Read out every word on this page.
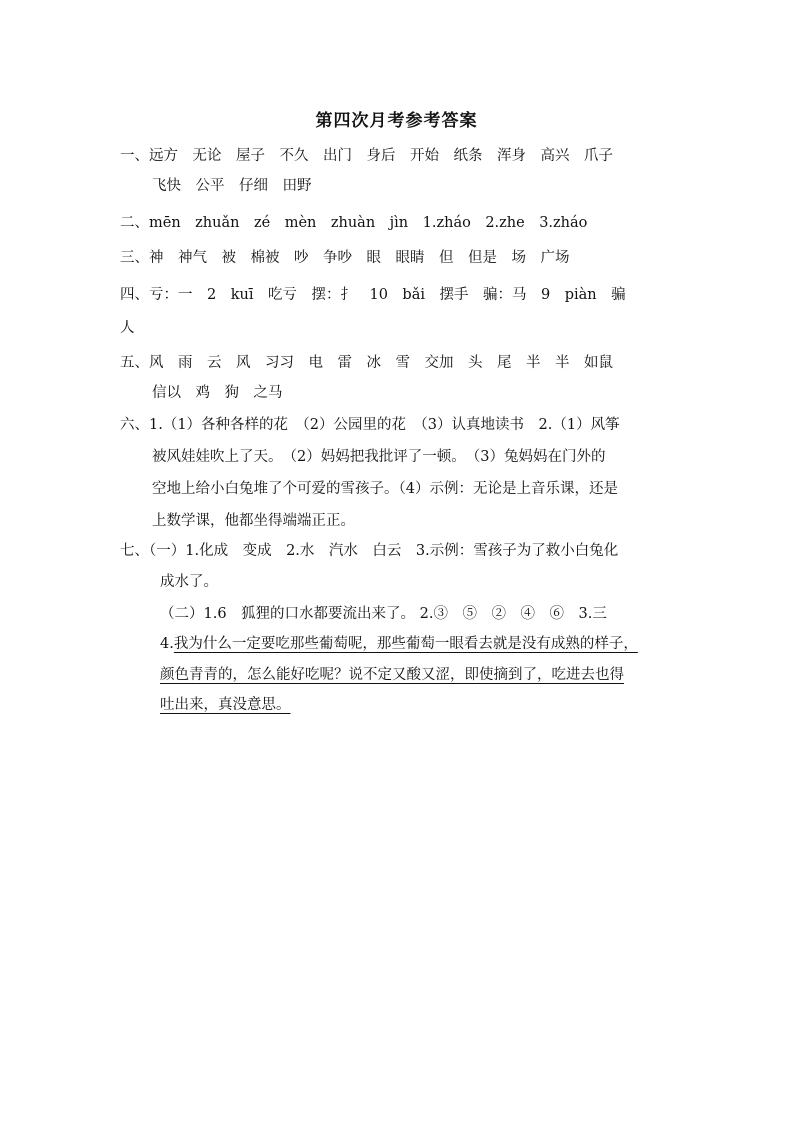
第四次月考参考答案
一、远方　无论　屋子　不久　出门　身后　开始　纸条　浑身　高兴　爪子
飞快　公平　仔细　田野
二、mēn　zhuǎn　zé　mèn　zhuàn　jìn　1.zháo　2.zhe　3.zháo
三、神　神气　被　棉被　吵　争吵　眼　眼睛　但　但是　场　广场
四、亏：一　2　kuī　吃亏　摆：扌　10　bǎi　摆手　骗：马　9　piàn　骗
人
五、风　雨　云　风　习习　电　雷　冰　雪　交加　头　尾　半　半　如鼠
信以　鸡　狗　之马
六、1.（1）各种各样的花　（2）公园里的花　（3）认真地读书　2.（1）风筝
被风娃娃吹上了天。　（2）妈妈把我批评了一顿。　（3）兔妈妈在门外的
空地上给小白兔堆了个可爱的雪孩子。（4）示例：无论是上音乐课，还是
上数学课，他都坐得端端正正。
七、（一）1.化成　变成　2.水　汽水　白云　3.示例：雪孩子为了救小白兔化
成水了。
（二）1.6　狐狸的口水都要流出来了。 2.③　⑤　②　④　⑥　3.三
4.我为什么一定要吃那些葡萄呢，那些葡萄一眼看去就是没有成熟的样子，
颜色青青的，怎么能好吃呢？说不定又酸又涩，即使摘到了，吃进去也得
吐出来，真没意思。
